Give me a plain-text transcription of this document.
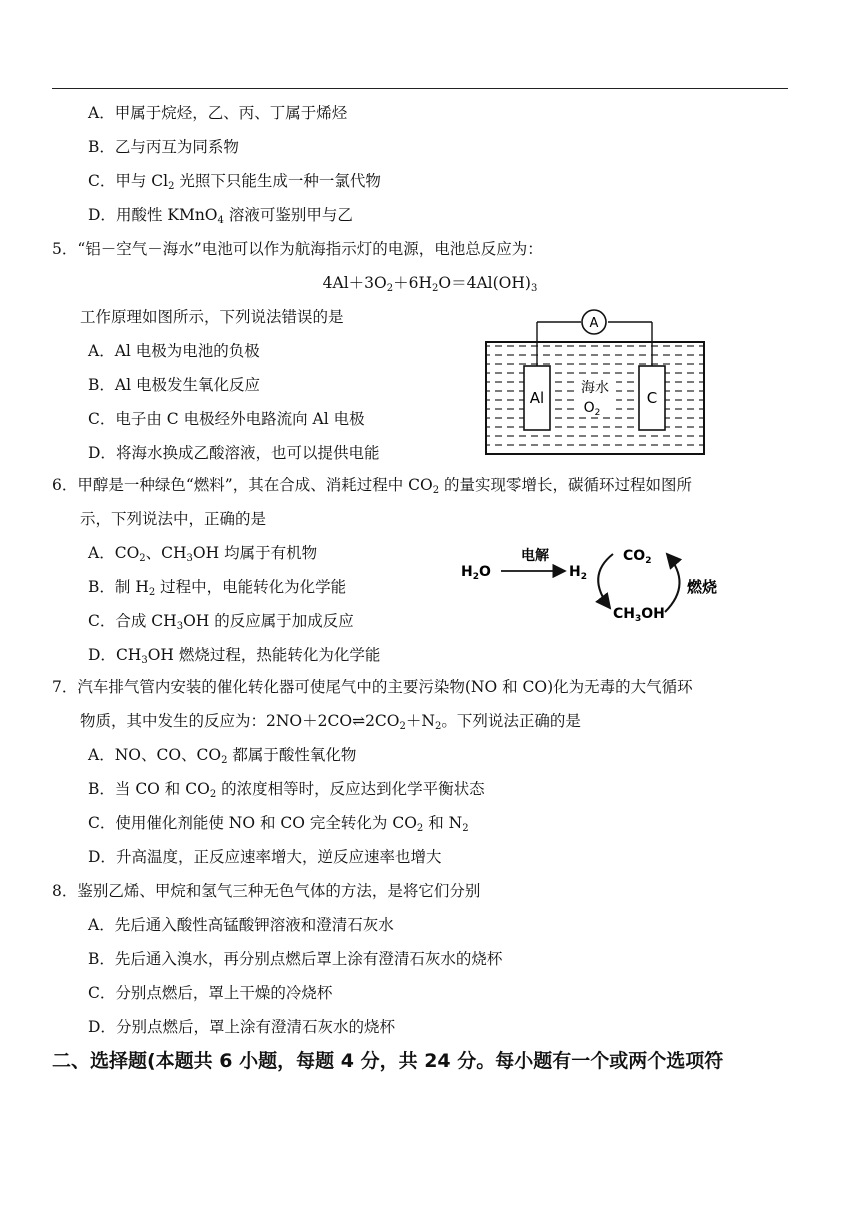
A．甲属于烷烃，乙、丙、丁属于烯烃
B．乙与丙互为同系物
C．甲与 $Cl_2$ 光照下只能生成一种一氯代物
D．用酸性 KMnO$_4$ 溶液可鉴别甲与乙
5．“铝－空气－海水”电池可以作为航海指示灯的电源，电池总反应为：
$4Al+3O_2+6H_2O=4Al(OH)_3$
工作原理如图所示，下列说法错误的是
A．Al 电极为电池的负极
B．Al 电极发生氧化反应
C．电子由 C 电极经外电路流向 Al 电极
D．将海水换成乙酸溶液，也可以提供电能
A
Al	C
海水
$O_2$
6．甲醇是一种绿色“燃料”，其在合成、消耗过程中 $CO_2$ 的量实现零增长，碳循环过程如图所
示，下列说法中，正确的是
A．$CO_2$、$CH_3OH$ 均属于有机物
B．制 $H_2$ 过程中，电能转化为化学能
C．合成 $CH_3OH$ 的反应属于加成反应
D．$CH_3OH$ 燃烧过程，热能转化为化学能
$H_2O$
电解
$H_2$
$CO_2$
$CH_3OH$
燃烧
7．汽车排气管内安装的催化转化器可使尾气中的主要污染物(NO 和 CO)化为无毒的大气循环
物质，其中发生的反应为：$2NO+2CO\rightleftharpoons 2CO_2+N_2$。下列说法正确的是
A．NO、CO、$CO_2$ 都属于酸性氧化物
B．当 CO 和 $CO_2$ 的浓度相等时，反应达到化学平衡状态
C．使用催化剂能使 NO 和 CO 完全转化为 $CO_2$ 和 $N_2$
D．升高温度，正反应速率增大，逆反应速率也增大
8．鉴别乙烯、甲烷和氢气三种无色气体的方法，是将它们分别
A．先后通入酸性高锰酸钾溶液和澄清石灰水
B．先后通入溴水，再分别点燃后罩上涂有澄清石灰水的烧杯
C．分别点燃后，罩上干燥的冷烧杯
D．分别点燃后，罩上涂有澄清石灰水的烧杯
二、选择题(本题共 6 小题，每题 4 分，共 24 分。每小题有一个或两个选项符
